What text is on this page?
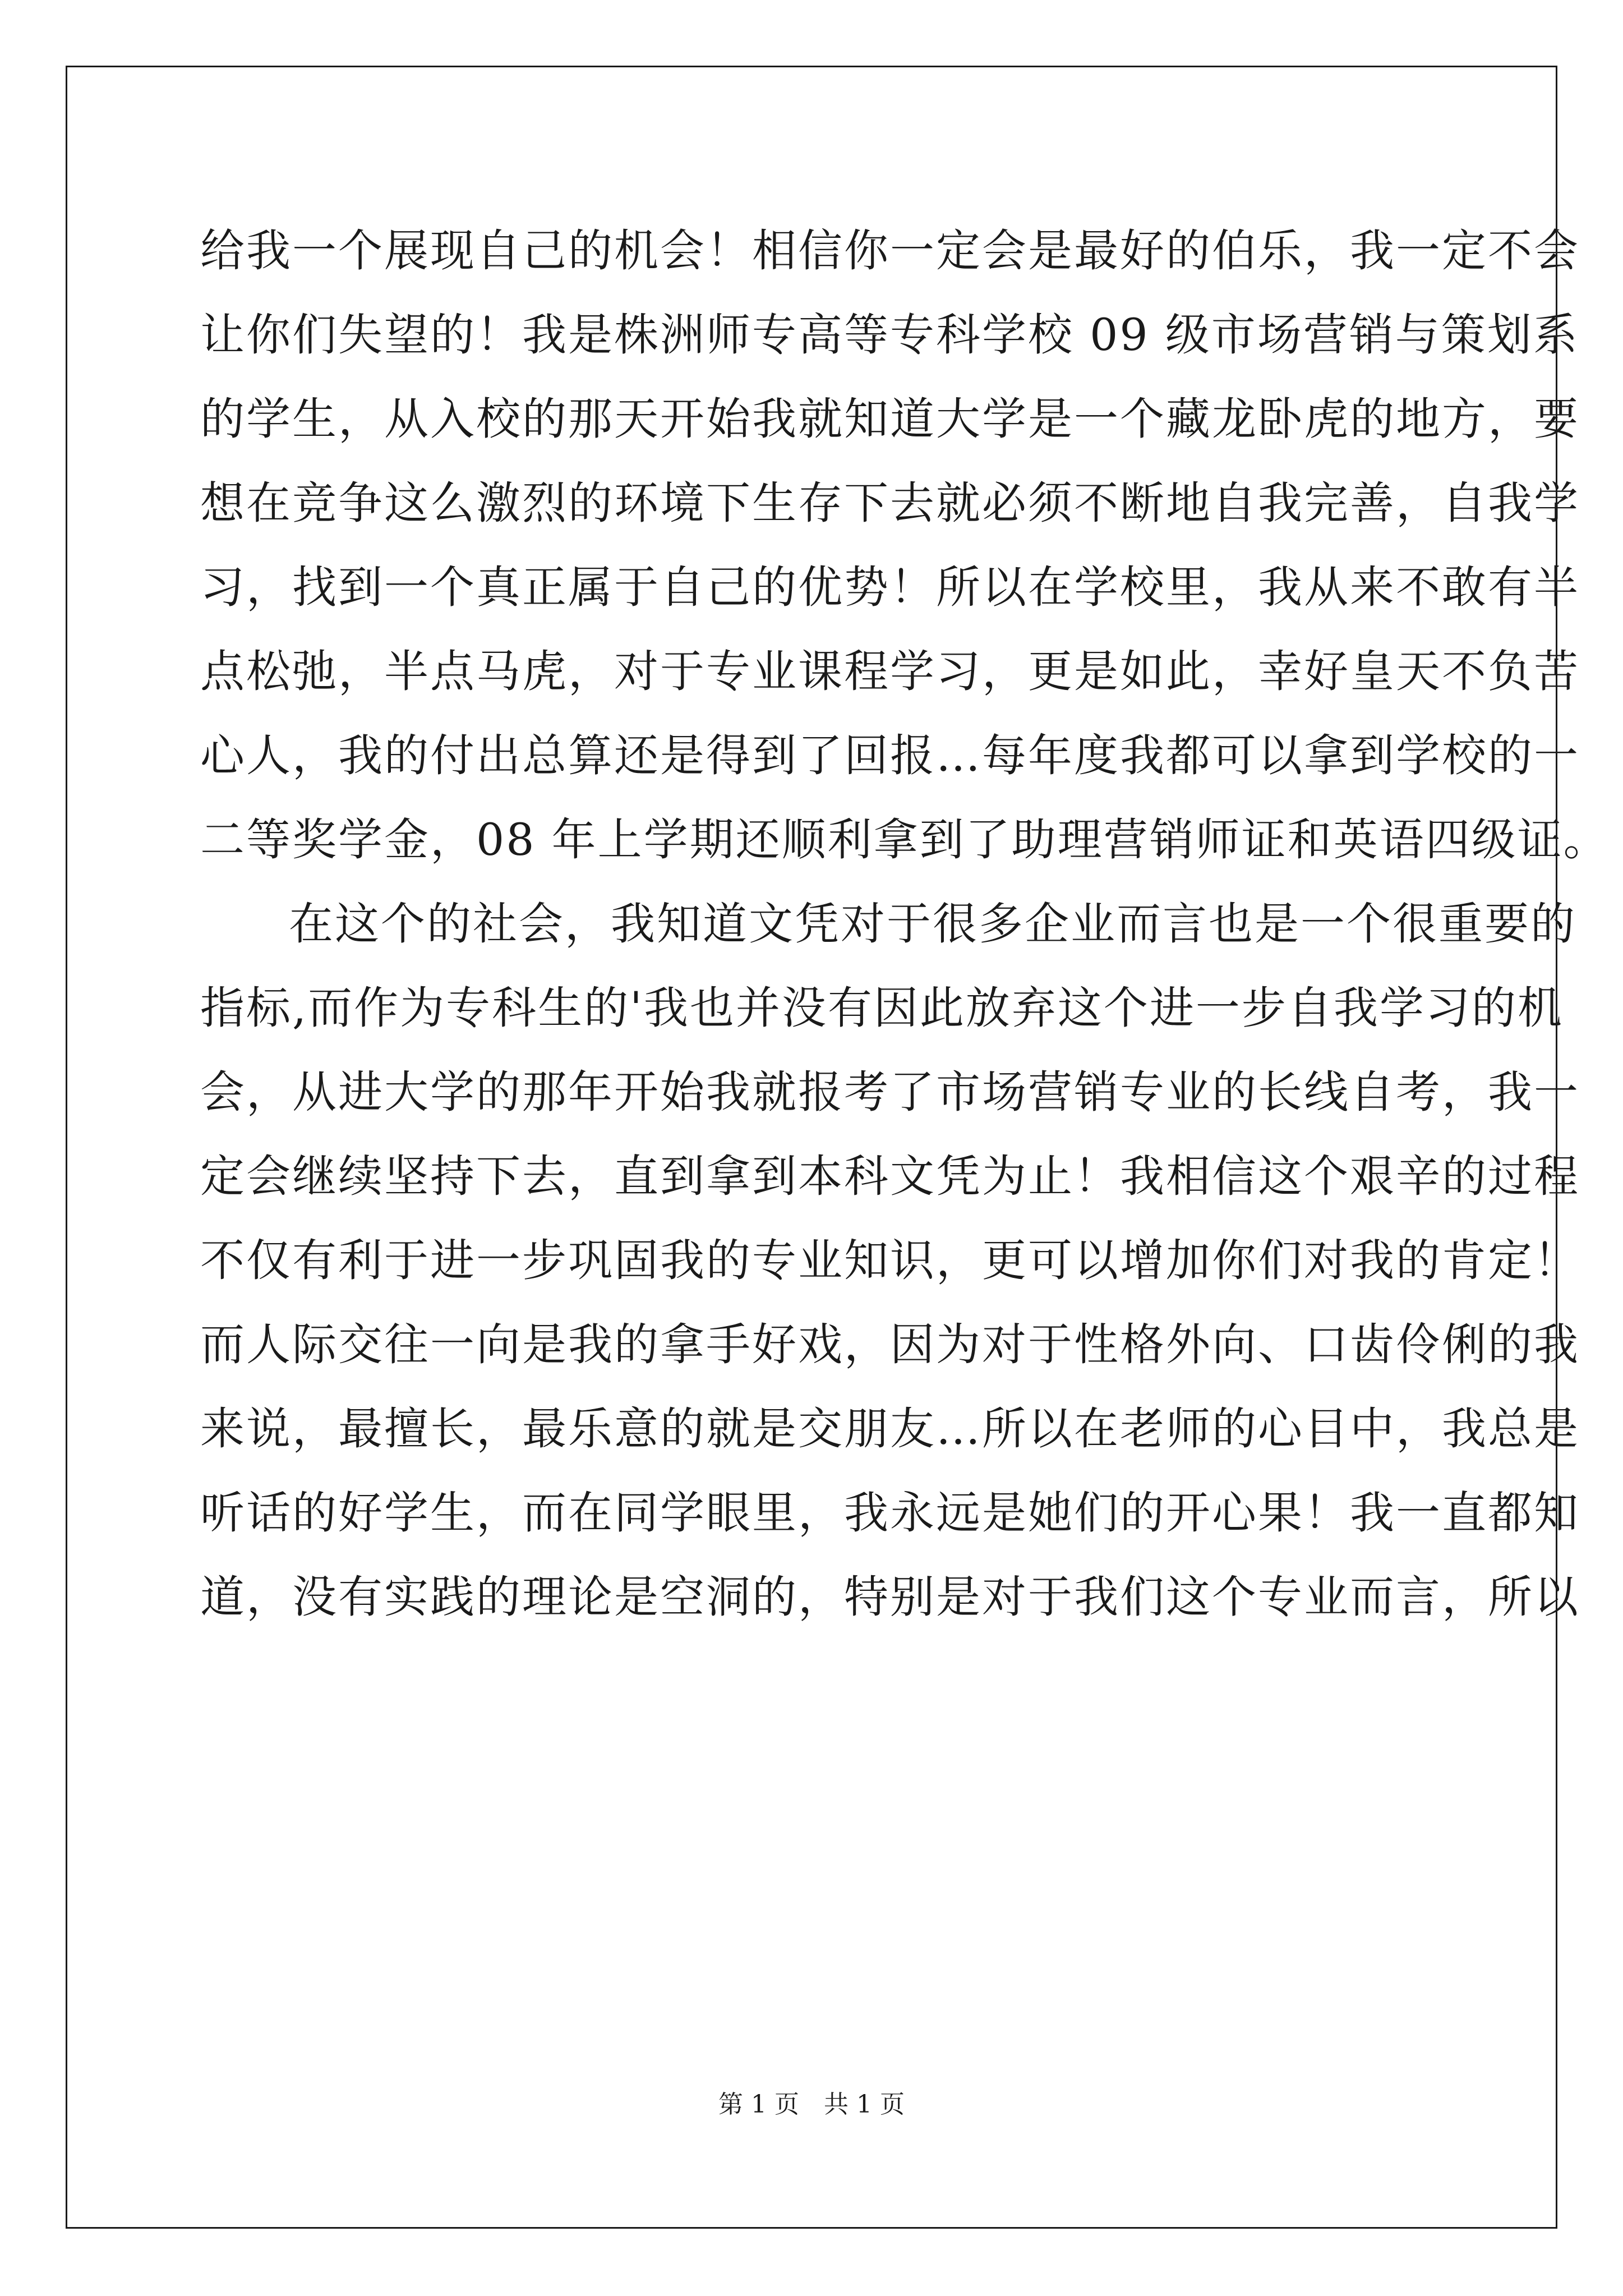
给我一个展现自己的机会！相信你一定会是最好的伯乐，我一定不会
让你们失望的！我是株洲师专高等专科学校 09 级市场营销与策划系
的学生，从入校的那天开始我就知道大学是一个藏龙卧虎的地方，要
想在竞争这么激烈的环境下生存下去就必须不断地自我完善，自我学
习，找到一个真正属于自己的优势！所以在学校里，我从来不敢有半
点松弛，半点马虎，对于专业课程学习，更是如此，幸好皇天不负苦
心人，我的付出总算还是得到了回报…每年度我都可以拿到学校的一
二等奖学金，08 年上学期还顺利拿到了助理营销师证和英语四级证。
在这个的社会，我知道文凭对于很多企业而言也是一个很重要的
指标,而作为专科生的'我也并没有因此放弃这个进一步自我学习的机
会，从进大学的那年开始我就报考了市场营销专业的长线自考，我一
定会继续坚持下去，直到拿到本科文凭为止！我相信这个艰辛的过程
不仅有利于进一步巩固我的专业知识，更可以增加你们对我的肯定！
而人际交往一向是我的拿手好戏，因为对于性格外向、口齿伶俐的我
来说，最擅长，最乐意的就是交朋友…所以在老师的心目中，我总是
听话的好学生，而在同学眼里，我永远是她们的开心果！我一直都知
道，没有实践的理论是空洞的，特别是对于我们这个专业而言，所以
第 1 页　共 1 页
